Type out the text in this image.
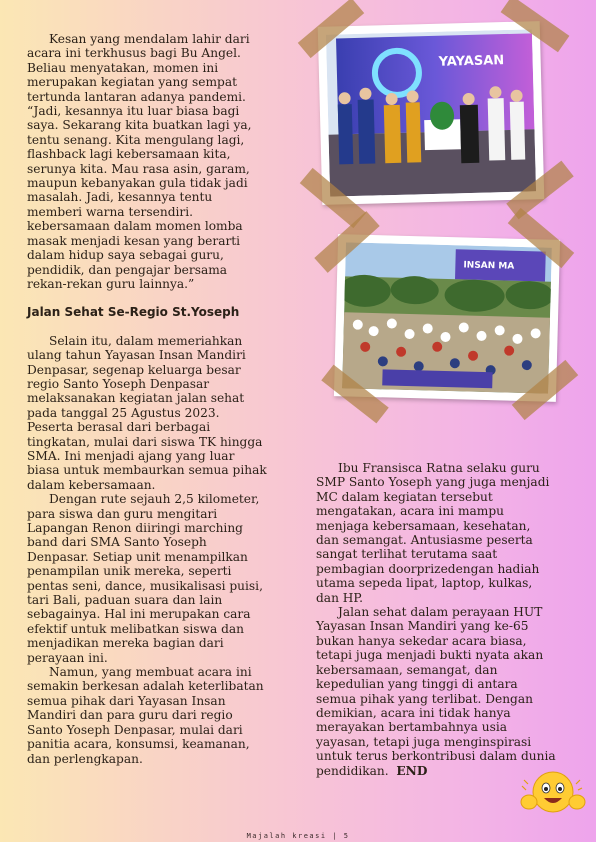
Kesan yang mendalam lahir dari acara ini terkhusus bagi Bu Angel. Beliau menyatakan, momen ini merupakan kegiatan yang sempat tertunda lantaran adanya pandemi. “Jadi, kesannya itu luar biasa bagi saya. Sekarang kita buatkan lagi ya, tentu senang. Kita mengulang lagi, flashback lagi kebersamaan kita, serunya kita. Mau rasa asin, garam, maupun kebanyakan gula tidak jadi masalah. Jadi, kesannya tentu memberi warna tersendiri. kebersamaan dalam momen lomba masak menjadi kesan yang berarti dalam hidup saya sebagai guru, pendidik, dan pengajar bersama rekan-rekan guru lainnya.”

Jalan Sehat Se-Regio St.Yoseph

Selain itu, dalam memeriahkan ulang tahun Yayasan Insan Mandiri Denpasar, segenap keluarga besar regio Santo Yoseph Denpasar melaksanakan kegiatan jalan sehat pada tanggal 25 Agustus 2023. Peserta berasal dari berbagai tingkatan, mulai dari siswa TK hingga SMA. Ini menjadi ajang yang luar biasa untuk membaurkan semua pihak dalam kebersamaan.

Dengan rute sejauh 2,5 kilometer, para siswa dan guru mengitari Lapangan Renon diiringi marching band dari SMA Santo Yoseph Denpasar. Setiap unit menampilkan penampilan unik mereka, seperti pentas seni, dance, musikalisasi puisi, tari Bali, paduan suara dan lain sebagainya. Hal ini merupakan cara efektif untuk melibatkan siswa dan menjadikan mereka bagian dari perayaan ini.

Namun, yang membuat acara ini semakin berkesan adalah keterlibatan semua pihak dari Yayasan Insan Mandiri dan para guru dari regio Santo Yoseph Denpasar, mulai dari panitia acara, konsumsi, keamanan, dan perlengkapan.

YAYASAN
INSAN MA

Ibu Fransisca Ratna selaku guru SMP Santo Yoseph yang juga menjadi MC dalam kegiatan tersebut mengatakan, acara ini mampu menjaga kebersamaan, kesehatan, dan semangat. Antusiasme peserta sangat terlihat terutama saat pembagian doorprizedengan hadiah utama sepeda lipat, laptop, kulkas, dan HP.

Jalan sehat dalam perayaan HUT Yayasan Insan Mandiri yang ke-65 bukan hanya sekedar acara biasa, tetapi juga menjadi bukti nyata akan kebersamaan, semangat, dan kepedulian yang tinggi di antara semua pihak yang terlibat. Dengan demikian, acara ini tidak hanya merayakan bertambahnya usia yayasan, tetapi juga menginspirasi untuk terus berkontribusi dalam dunia pendidikan. END

Majalah kreasi | 5
